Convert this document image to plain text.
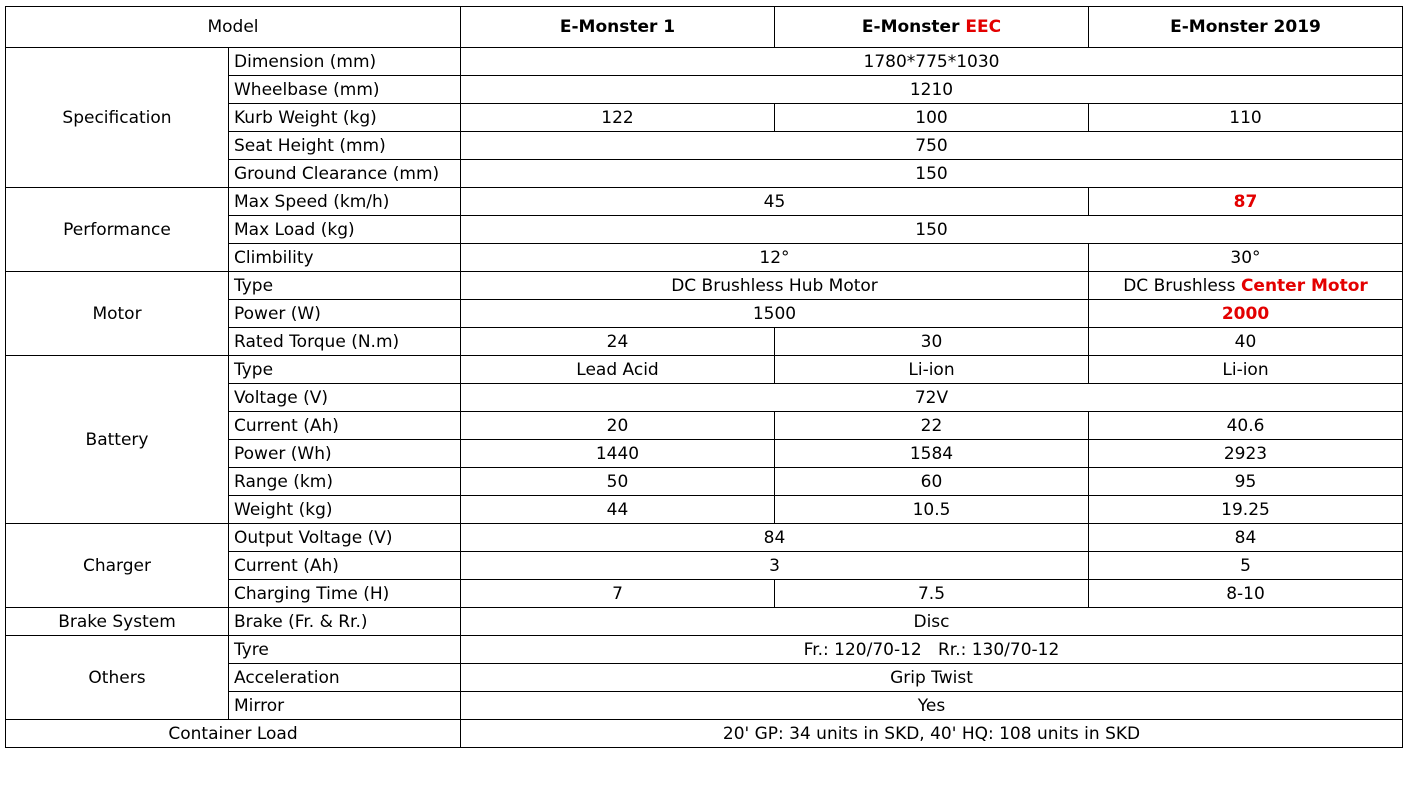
Model		E-Monster 1	E-Monster EEC	E-Monster 2019
Specification	Dimension (mm)	1780*775*1030		
	Wheelbase (mm)	1210		
	Kurb Weight (kg)	122	100	110
	Seat Height (mm)	750		
	Ground Clearance (mm)	150		
Performance	Max Speed (km/h)	45		87
	Max Load (kg)	150		
	Climbility	12°		30°
Motor	Type	DC Brushless Hub Motor		DC Brushless Center Motor
	Power (W)	1500		2000
	Rated Torque (N.m)	24	30	40
Battery	Type	Lead Acid	Li-ion	Li-ion
	Voltage (V)	72V		
	Current (Ah)	20	22	40.6
	Power (Wh)	1440	1584	2923
	Range (km)	50	60	95
	Weight (kg)	44	10.5	19.25
Charger	Output Voltage (V)	84		84
	Current (Ah)	3		5
	Charging Time (H)	7	7.5	8-10
Brake System	Brake (Fr. & Rr.)	Disc		
Others	Tyre	Fr.: 120/70-12   Rr.: 130/70-12		
	Acceleration	Grip Twist		
	Mirror	Yes		
Container Load		20' GP: 34 units in SKD, 40' HQ: 108 units in SKD		
